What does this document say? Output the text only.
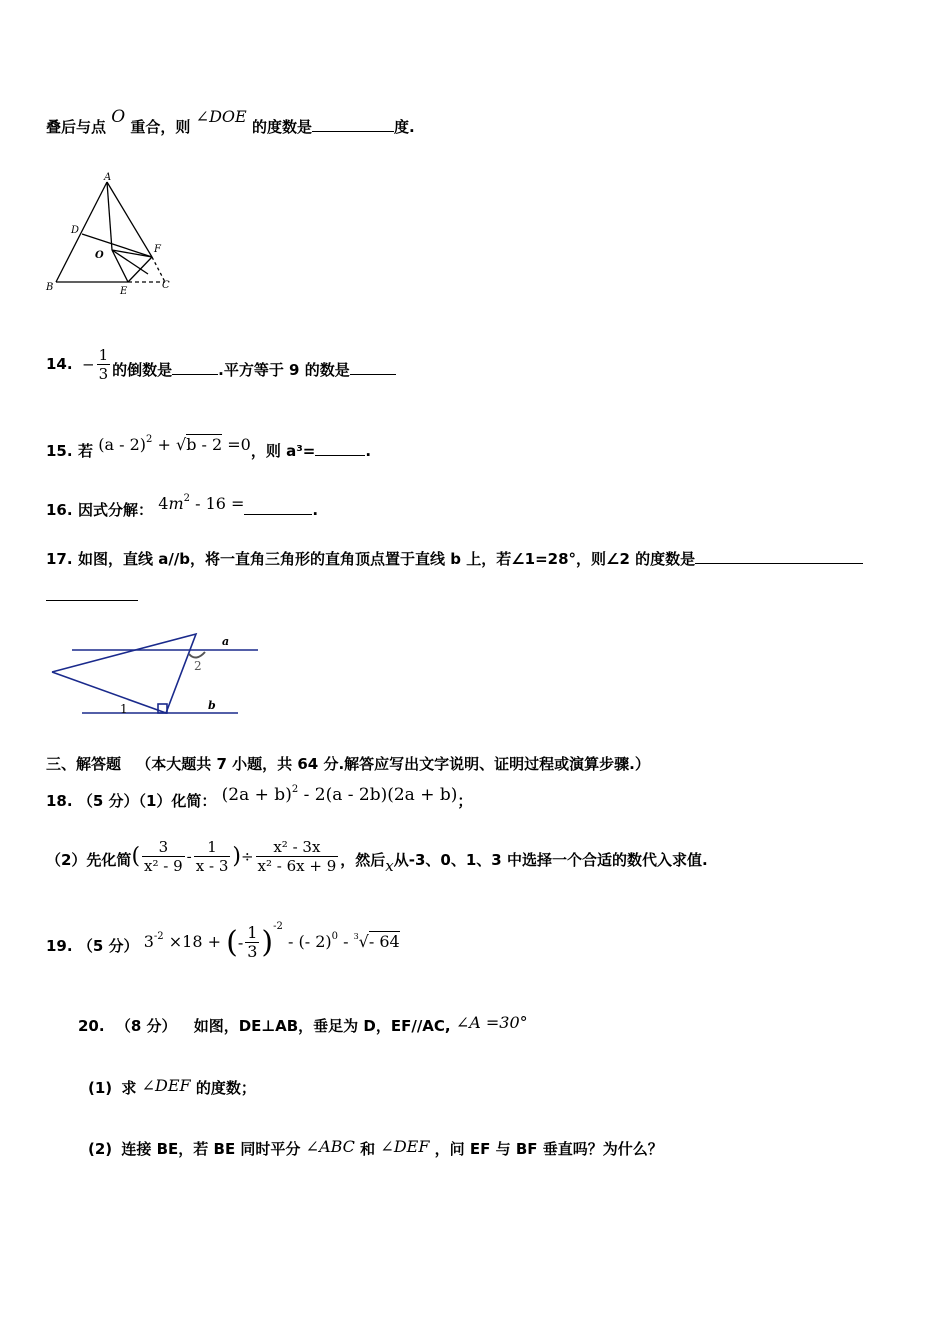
叠后与点 O 重合，则 ∠DOE 的度数是	度.
A
D
F
O
B	E
C
14. − $\frac{1}{3}$ 的倒数是	.平方等于 9 的数是
15. 若 (a - 2)$^2$ + √b - 2 =0，则 a³=	.
16. 因式分解： $4m^2 - 16$ =	.
17. 如图，直线 a//b，将一直角三角形的直角顶点置于直线 b 上，若∠1=28°，则∠2 的度数是
a
2
1	b
三、解答题 （本大题共 7 小题，共 64 分.解答应写出文字说明、证明过程或演算步骤.）
18. （5 分）（1）化简： $(2a + b)^2 - 2(a - 2b)(2a + b)$；
（2）先化简( $\frac{3}{\text{x² - 9}} - \frac{1}{x - 3}$ )÷ $\frac{\text{x² - 3x}}{\text{x² - 6x + 9}}$ ，然后x从-3、0、1、3 中选择一个合适的数代入求值.
19. （5 分） $3^{-2} \times 18$ + (- $\frac{1}{3} )^{-2}$ - (- 2)$^0$ - $^3$√- 64
20. （8 分） 如图，DE⊥AB，垂足为 D，EF//AC, ∠A =30°
(1) 求 ∠DEF 的度数；
(2) 连接 BE，若 BE 同时平分 ∠ABC 和 ∠DEF ，问 EF 与 BF 垂直吗？为什么？
